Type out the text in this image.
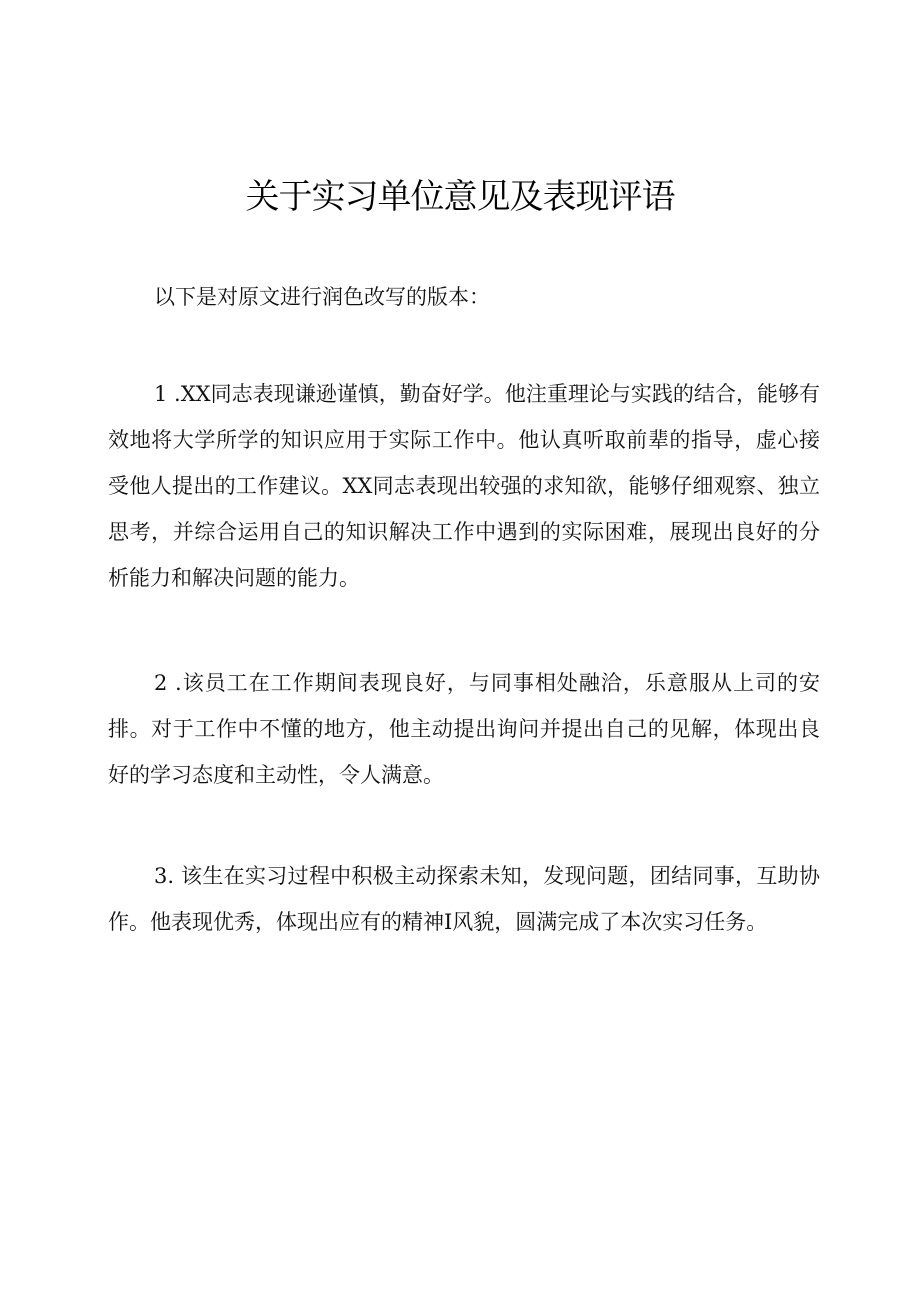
关于实习单位意见及表现评语

以下是对原文进行润色改写的版本：

1 .XX同志表现谦逊谨慎，勤奋好学。他注重理论与实践的结合，能够有效地将大学所学的知识应用于实际工作中。他认真听取前辈的指导，虚心接受他人提出的工作建议。XX同志表现出较强的求知欲，能够仔细观察、独立思考，并综合运用自己的知识解决工作中遇到的实际困难，展现出良好的分析能力和解决问题的能力。

2 .该员工在工作期间表现良好，与同事相处融洽，乐意服从上司的安排。对于工作中不懂的地方，他主动提出询问并提出自己的见解，体现出良好的学习态度和主动性，令人满意。

3. 该生在实习过程中积极主动探索未知，发现问题，团结同事，互助协作。他表现优秀，体现出应有的精神I风貌，圆满完成了本次实习任务。
